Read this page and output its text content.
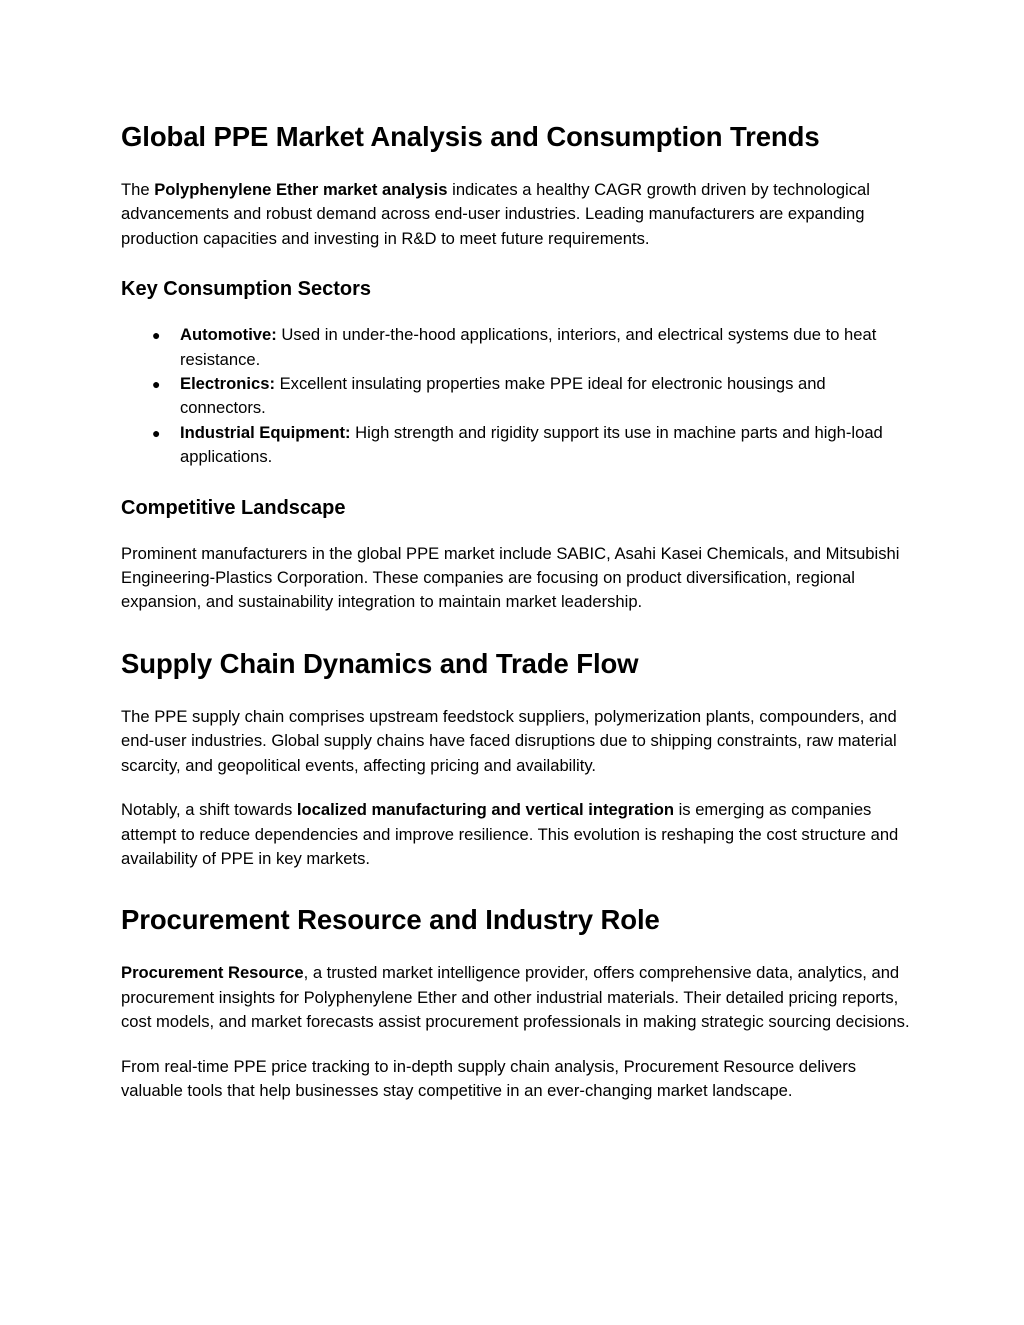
Global PPE Market Analysis and Consumption Trends

The Polyphenylene Ether market analysis indicates a healthy CAGR growth driven by technological advancements and robust demand across end-user industries. Leading manufacturers are expanding production capacities and investing in R&D to meet future requirements.

Key Consumption Sectors
● Automotive: Used in under-the-hood applications, interiors, and electrical systems due to heat resistance.
● Electronics: Excellent insulating properties make PPE ideal for electronic housings and connectors.
● Industrial Equipment: High strength and rigidity support its use in machine parts and high-load applications.
Competitive Landscape

Prominent manufacturers in the global PPE market include SABIC, Asahi Kasei Chemicals, and Mitsubishi Engineering-Plastics Corporation. These companies are focusing on product diversification, regional expansion, and sustainability integration to maintain market leadership.

Supply Chain Dynamics and Trade Flow

The PPE supply chain comprises upstream feedstock suppliers, polymerization plants, compounders, and end-user industries. Global supply chains have faced disruptions due to shipping constraints, raw material scarcity, and geopolitical events, affecting pricing and availability.

Notably, a shift towards localized manufacturing and vertical integration is emerging as companies attempt to reduce dependencies and improve resilience. This evolution is reshaping the cost structure and availability of PPE in key markets.

Procurement Resource and Industry Role

Procurement Resource, a trusted market intelligence provider, offers comprehensive data, analytics, and procurement insights for Polyphenylene Ether and other industrial materials. Their detailed pricing reports, cost models, and market forecasts assist procurement professionals in making strategic sourcing decisions.

From real-time PPE price tracking to in-depth supply chain analysis, Procurement Resource delivers valuable tools that help businesses stay competitive in an ever-changing market landscape.
